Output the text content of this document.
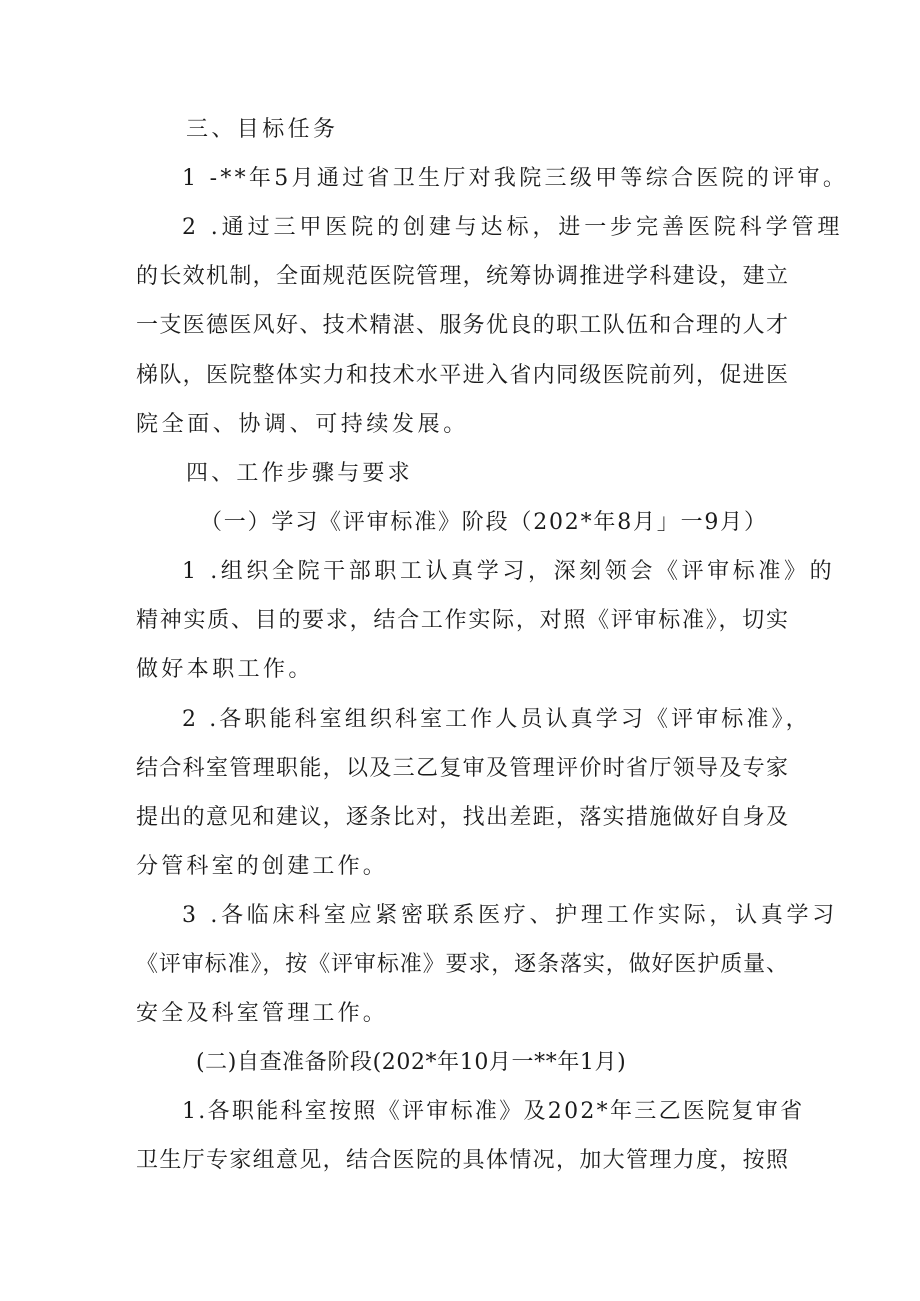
三、目标任务
1 -**年5月通过省卫生厅对我院三级甲等综合医院的评审。
2 .通过三甲医院的创建与达标，进一步完善医院科学管理
的长效机制，全面规范医院管理，统筹协调推进学科建设，建立
一支医德医风好、技术精湛、服务优良的职工队伍和合理的人才
梯队，医院整体实力和技术水平进入省内同级医院前列，促进医
院全面、协调、可持续发展。
四、工作步骤与要求
（一）学习《评审标准》阶段（202*年8月」一9月）
1 .组织全院干部职工认真学习，深刻领会《评审标准》的
精神实质、目的要求，结合工作实际，对照《评审标准》，切实
做好本职工作。
2 .各职能科室组织科室工作人员认真学习《评审标准》，
结合科室管理职能，以及三乙复审及管理评价时省厅领导及专家
提出的意见和建议，逐条比对，找出差距，落实措施做好自身及
分管科室的创建工作。
3 .各临床科室应紧密联系医疗、护理工作实际，认真学习
《评审标准》，按《评审标准》要求，逐条落实，做好医护质量、
安全及科室管理工作。
(二)自查准备阶段(202*年10月一**年1月)
1.各职能科室按照《评审标准》及202*年三乙医院复审省
卫生厅专家组意见，结合医院的具体情况，加大管理力度，按照
